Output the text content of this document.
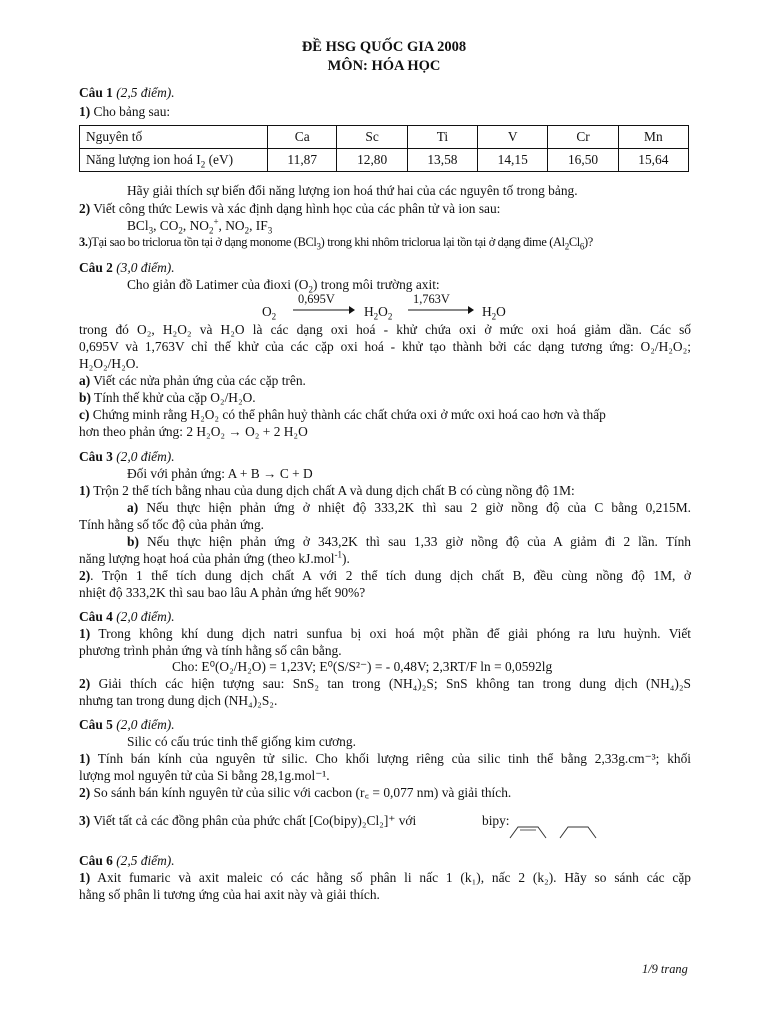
ĐỀ HSG QUỐC GIA 2008
MÔN: HÓA HỌC
Câu 1 (2,5 điểm).
1) Cho bảng sau:
Nguyên tố	Ca	Sc	Ti	V	Cr	Mn
Năng lượng ion hoá $I_2$ (eV)	11,87	12,80	13,58	14,15	16,50	15,64
Hãy giải thích sự biến đổi năng lượng ion hoá thứ hai của các nguyên tố trong bảng.
2) Viết công thức Lewis và xác định dạng hình học của các phân tử và ion sau:
BCl$_3$, $CO_2$, $NO_2^+$, $NO_2$, $IF_3$
3.)Tại sao bo triclorua tồn tại ở dạng monome (BCl$_3$) trong khi nhôm triclorua lại tồn tại ở dạng đime $(Al_2Cl_6)$?
Câu 2 (3,0 điểm).
Cho giản đồ Latimer của đioxi $(O_2)$ trong môi trường axit:
$O_2$
0,695V
$H_2O_2$
1,763V
$H_2O$
trong đó O₂, H₂O₂ và H₂O là các dạng oxi hoá - khử chứa oxi ở mức oxi hoá giảm dần. Các số
0,695V và 1,763V chỉ thế khử của các cặp oxi hoá - khử tạo thành bởi các dạng tương ứng: O₂/H₂O₂;
H₂O₂/H₂O.
a) Viết các nửa phản ứng của các cặp trên.
b) Tính thế khử của cặp O₂/H₂O.
c) Chứng minh rằng H₂O₂ có thể phân huỷ thành các chất chứa oxi ở mức oxi hoá cao hơn và thấp
hơn theo phản ứng: 2 H₂O₂ → O₂ + 2 H₂O
Câu 3 (2,0 điểm).
Đối với phản ứng: A + B → C + D
1) Trộn 2 thể tích bằng nhau của dung dịch chất A và dung dịch chất B có cùng nồng độ 1M:
a) Nếu thực hiện phản ứng ở nhiệt độ 333,2K thì sau 2 giờ nồng độ của C bằng 0,215M.
Tính hằng số tốc độ của phản ứng.
b) Nếu thực hiện phản ứng ở 343,2K thì sau 1,33 giờ nồng độ của A giảm đi 2 lần. Tính
năng lượng hoạt hoá của phản ứng (theo kJ.mol$^{-1}$).
2). Trộn 1 thể tích dung dịch chất A với 2 thể tích dung dịch chất B, đều cùng nồng độ 1M, ở
nhiệt độ 333,2K thì sau bao lâu A phản ứng hết 90%?
Câu 4 (2,0 điểm).
1) Trong không khí dung dịch natri sunfua bị oxi hoá một phần để giải phóng ra lưu huỳnh. Viết
phương trình phản ứng và tính hằng số cân bằng.
Cho: E⁰(O₂/H₂O) = 1,23V; E⁰(S/S²⁻) = - 0,48V; 2,3RT/F ln = 0,0592lg
2) Giải thích các hiện tượng sau: SnS₂ tan trong (NH₄)₂S; SnS không tan trong dung dịch (NH₄)₂S
nhưng tan trong dung dịch (NH₄)₂S₂.
Câu 5 (2,0 điểm).
Silic có cấu trúc tinh thể giống kim cương.
1) Tính bán kính của nguyên tử silic. Cho khối lượng riêng của silic tinh thể bằng 2,33g.cm⁻³; khối
lượng mol nguyên tử của Si bằng 28,1g.mol⁻¹.
2) So sánh bán kính nguyên tử của silic với cacbon (r꜀ = 0,077 nm) và giải thích.
3) Viết tất cả các đồng phân của phức chất [Co(bipy)₂Cl₂]⁺ với	bipy:
Câu 6 (2,5 điểm).
1) Axit fumaric và axit maleic có các hằng số phân li nấc 1 (k₁), nấc 2 (k₂). Hãy so sánh các cặp
hằng số phân li tương ứng của hai axit này và giải thích.
1/9 trang
